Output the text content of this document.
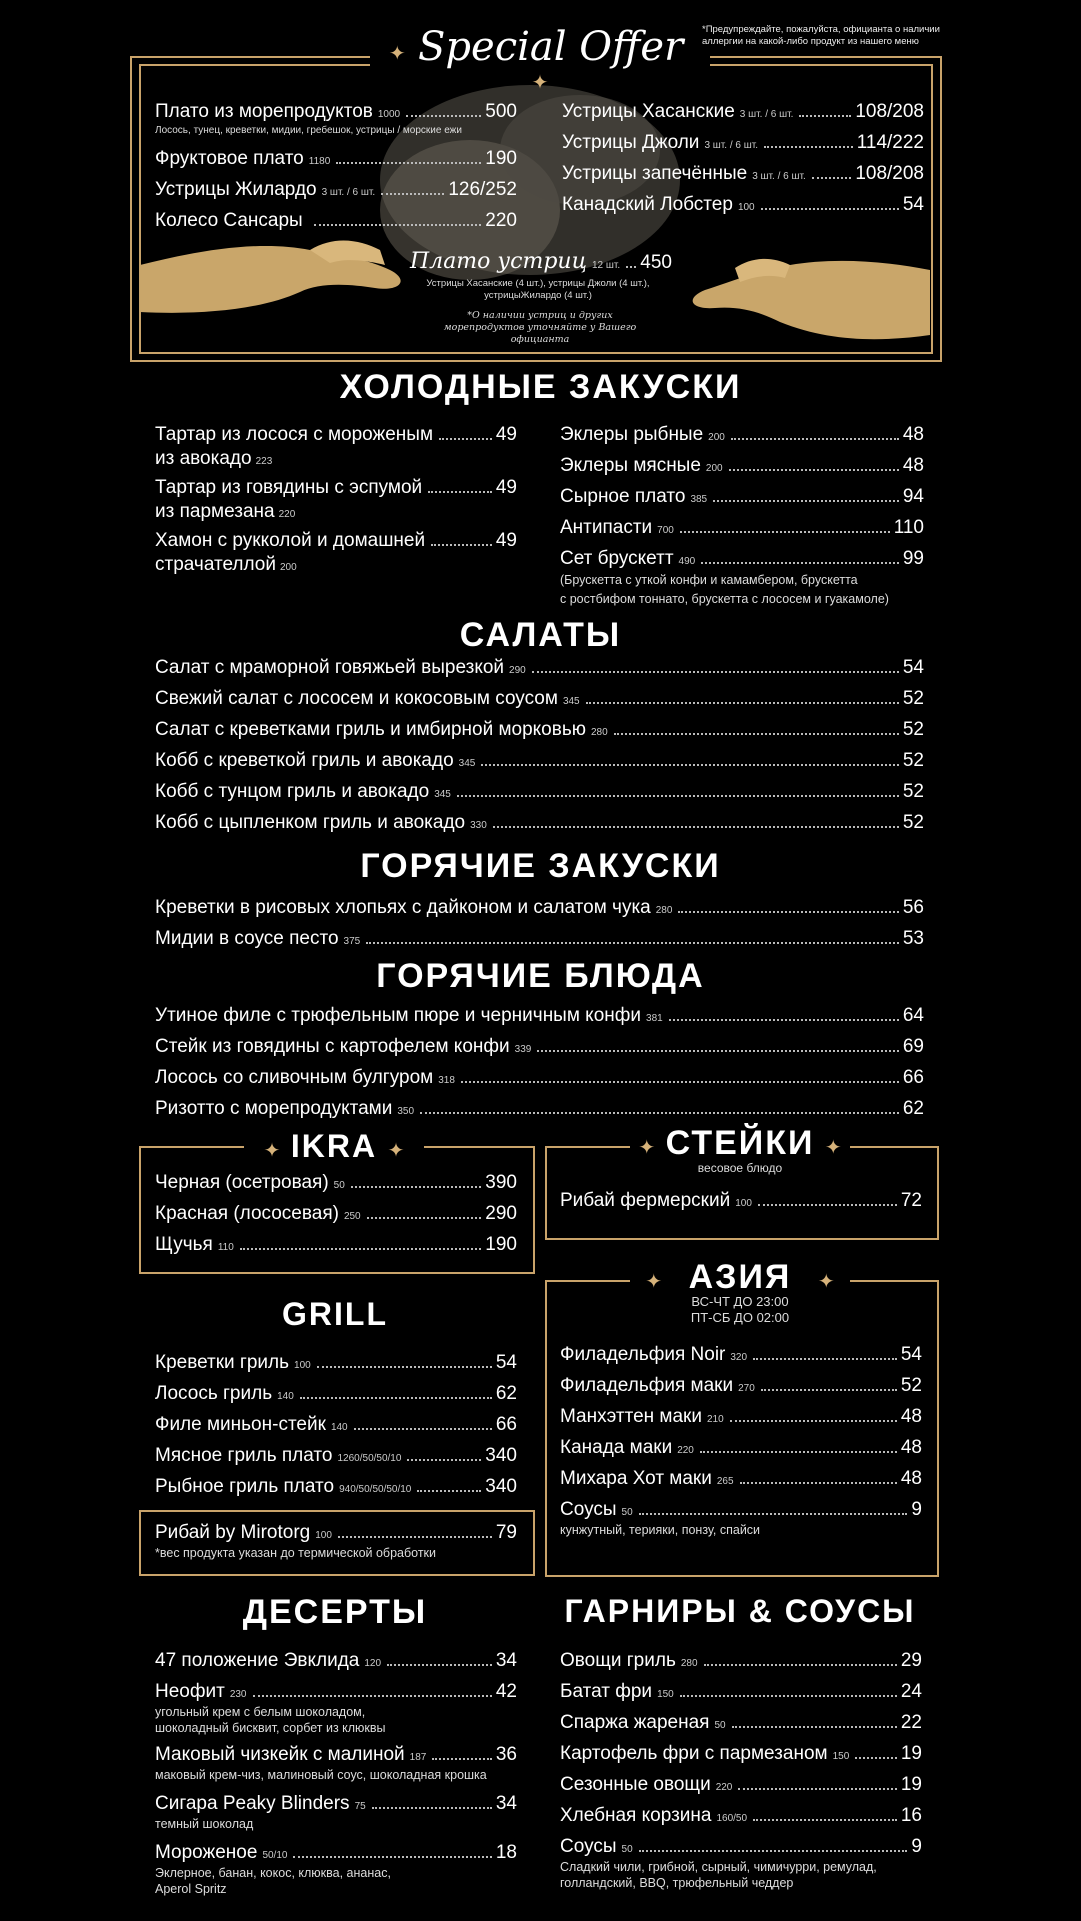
✦ Special Offer ✦
*Предупреждайте, пожалуйста, официанта о наличии аллергии на какой-либо продукт из нашего меню
Плато из морепродуктов 1000	500
Лосось, тунец, креветки, мидии, гребешок, устрицы / морские ежи
Фруктовое плато 1180	190
Устрицы Жилардо 3 шт. / 6 шт.	126/252
Колесо Сансары	220
Устрицы Хасанские 3 шт. / 6 шт.	108/208
Устрицы Джоли 3 шт. / 6 шт.	114/222
Устрицы запечённые 3 шт. / 6 шт.	108/208
Канадский Лобстер 100	54
Плато устриц 12 шт. 450
Устрицы Хасанские (4 шт.), устрицы Джоли (4 шт.), устрицыЖилардо (4 шт.)
*О наличии устриц и других морепродуктов уточняйте у Вашего официанта
ХОЛОДНЫЕ ЗАКУСКИ
Тартар из лосося с мороженым	49
из авокадо 223
Тартар из говядины с эспумой	49
из пармезана 220
Хамон с рукколой и домашней	49
страчателлой 200
Эклеры рыбные 200	48
Эклеры мясные 200	48
Сырное плато 385	94
Антипасти 700	110
Сет брускетт 490	99
(Брускетта с уткой конфи и камамбером, брускетта
с ростбифом тоннато, брускетта с лососем и гуакамоле)
САЛАТЫ
Салат с мраморной говяжьей вырезкой 290	54
Свежий салат с лососем и кокосовым соусом 345	52
Салат с креветками гриль и имбирной морковью 280	52
Кобб с креветкой гриль и авокадо 345	52
Кобб с тунцом гриль и авокадо 345	52
Кобб с цыпленком гриль и авокадо 330	52
ГОРЯЧИЕ ЗАКУСКИ
Креветки в рисовых хлопьях с дайконом и салатом чука 280	56
Мидии в соусе песто 375	53
ГОРЯЧИЕ БЛЮДА
Утиное филе с трюфельным пюре и черничным конфи 381	64
Стейк из говядины с картофелем конфи 339	69
Лосось со сливочным булгуром 318	66
Ризотто с морепродуктами 350	62
✦ IKRA ✦
Черная (осетровая) 50	390
Красная (лососевая) 250	290
Щучья 110	190
✦ СТЕЙКИ ✦
весовое блюдо
Рибай фермерский 100	72
GRILL
Креветки гриль 100	54
Лосось гриль 140	62
Филе миньон-стейк 140	66
Мясное гриль плато 1260/50/50/10	340
Рыбное гриль плато 940/50/50/50/10	340
Рибай by Mirotorg 100	79
*вес продукта указан до термической обработки
✦ АЗИЯ ✦
ВС-ЧТ ДО 23:00
ПТ-СБ ДО 02:00
Филадельфия Noir 320	54
Филадельфия маки 270	52
Манхэттен маки 210	48
Канада маки 220	48
Михара Хот маки 265	48
Соусы 50	9
кунжутный, терияки, понзу, спайси
ДЕСЕРТЫ
47 положение Эвклида 120	34
Неофит 230	42
угольный крем с белым шоколадом,
шоколадный бисквит, сорбет из клюквы
Маковый чизкейк с малиной 187	36
маковый крем-чиз, малиновый соус, шоколадная крошка
Сигара Peaky Blinders 75	34
темный шоколад
Мороженое 50/10	18
Эклерное, банан, кокос, клюква, ананас,
Aperol Spritz
ГАРНИРЫ & СОУСЫ
Овощи гриль 280	29
Батат фри 150	24
Спаржа жареная 50	22
Картофель фри с пармезаном 150	19
Сезонные овощи 220	19
Хлебная корзина 160/50	16
Соусы 50	9
Сладкий чили, грибной, сырный, чимичурри, ремулад,
голландский, BBQ, трюфельный чеддер
